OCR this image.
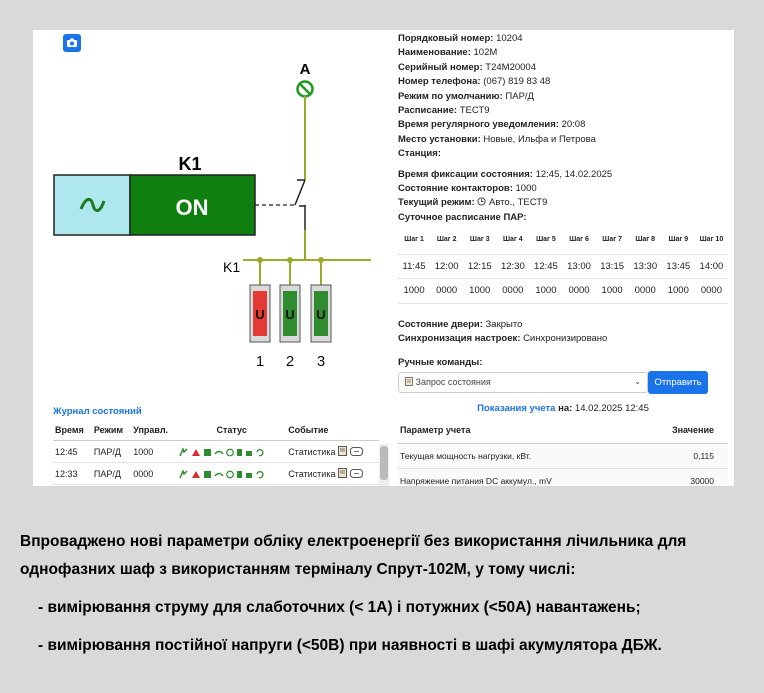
A
K1
ON
K1
U
1
U
2
U
3
Порядковый номер: 10204
Наименование: 102M
Серийный номер: Т24М20004
Номер телефона: (067) 819 83 48
Режим по умолчанию: ПАР/Д
Расписание: ТЕСТ9
Время регулярного уведомления: 20:08
Место установки: Новые, Ильфа и Петрова
Станция:
Время фиксации состояния: 12:45, 14.02.2025
Состояние контакторов: 1000
Текущий режим: Авто., ТЕСТ9
Суточное расписание ПАР:
Шаг 1	Шаг 2	Шаг 3	Шаг 4	Шаг 5	Шаг 6	Шаг 7	Шаг 8	Шаг 9	Шаг 10
11:45	12:00	12:15	12:30	12:45	13:00	13:15	13:30	13:45	14:00
1000	0000	1000	0000	1000	0000	1000	0000	1000	0000
Состояние двери: Закрыто
Синхронизация настроек: Синхронизировано
Ручные команды:
Запрос состояния	⌄	Отправить
Показания учета на: 14.02.2025 12:45
Параметр учета	Значение
Текущая мощность нагрузки, кВт.	0,115
Напряжение питания DC аккумул., mV	30000

Журнал состояний
Время	Режим	Управл.	Статус	Событие
12:45	ПАР/Д	1000		Статистика
12:33	ПАР/Д	0000		Статистика
Впроваджено нові параметри обліку електроенергії без використання лічильника для
однофазних шаф з використанням терміналу Спрут-102М, у тому числі:
- вимірювання струму для слаботочних (< 1А) і потужних (<50А) навантажень;
- вимірювання постійної напруги (<50В) при наявності в шафі акумулятора ДБЖ.
